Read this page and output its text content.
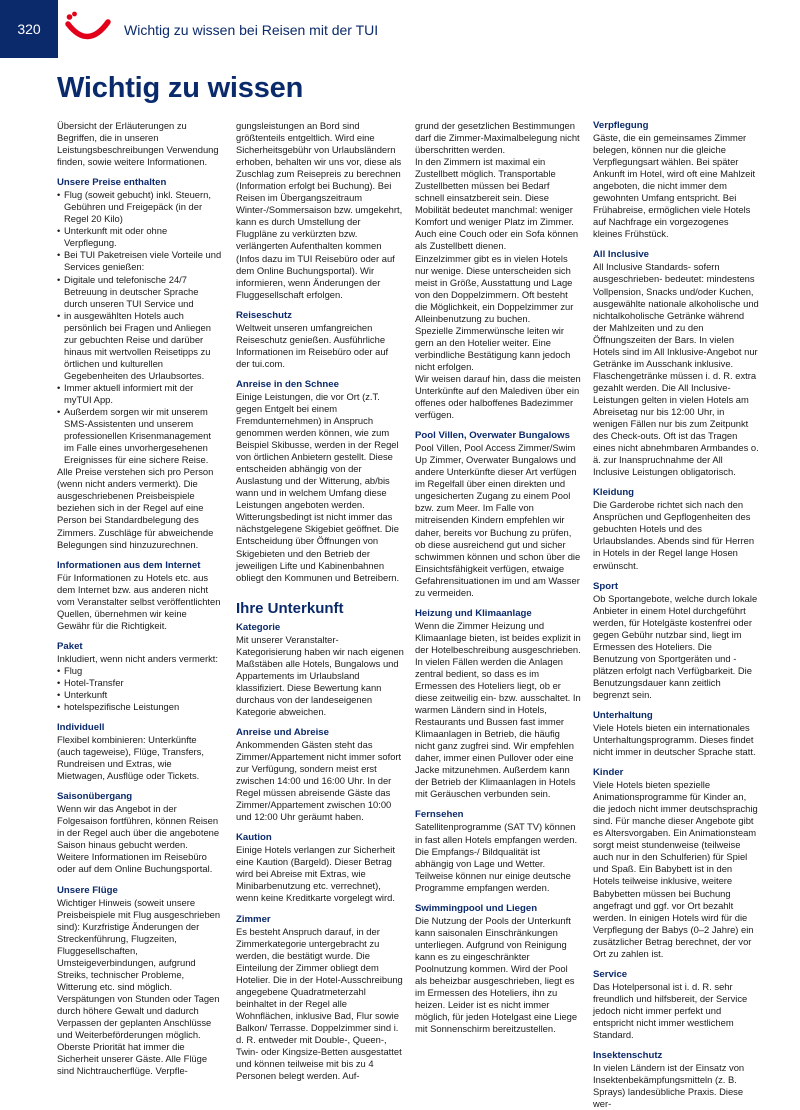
320	Wichtig zu wissen bei Reisen mit der TUI
Wichtig zu wissen

Übersicht der Erläuterungen zu Begriffen, die in unseren Leistungsbeschreibungen Verwendung finden, sowie weitere Informationen.

Unsere Preise enthalten
• Flug (soweit gebucht) inkl. Steuern, Gebühren und Freigepäck (in der Regel 20 Kilo)
• Unterkunft mit oder ohne Verpflegung.
• Bei TUI Paketreisen viele Vorteile und Services genießen:
• Digitale und telefonische 24/7 Betreuung in deutscher Sprache durch unseren TUI Service und
• in ausgewählten Hotels auch persönlich bei Fragen und Anliegen zur gebuchten Reise und darüber hinaus mit wertvollen Reisetipps zu örtlichen und kulturellen Gegebenheiten des Urlaubsortes.
• Immer aktuell informiert mit der myTUI App.
• Außerdem sorgen wir mit unserem SMS-Assistenten und unserem professionellen Krisenmanagement im Falle eines unvorhergesehenen Ereignisses für eine sichere Reise.

Alle Preise verstehen sich pro Person (wenn nicht anders vermerkt). Die ausgeschriebenen Preisbeispiele beziehen sich in der Regel auf eine Person bei Standardbelegung des Zimmers. Zuschläge für abweichende Belegungen sind hinzuzurechnen.

Informationen aus dem Internet

Für Informationen zu Hotels etc. aus dem Internet bzw. aus anderen nicht vom Veranstalter selbst veröffentlichten Quellen, übernehmen wir keine Gewähr für die Richtigkeit.

Paket

Inkludiert, wenn nicht anders vermerkt:

• Flug
• Hotel-Transfer
• Unterkunft
• hotelspezifische Leistungen
Individuell

Flexibel kombinieren: Unterkünfte (auch tageweise), Flüge, Transfers, Rundreisen und Extras, wie Mietwagen, Ausflüge oder Tickets.

Saisonübergang

Wenn wir das Angebot in der Folgesaison fortführen, können Reisen in der Regel auch über die angebotene Saison hinaus gebucht werden. Weitere Informationen im Reisebüro oder auf dem Online Buchungsportal.

Unsere Flüge

Wichtiger Hinweis (soweit unsere Preisbeispiele mit Flug ausgeschrieben sind): Kurzfristige Änderungen der Streckenführung, Flugzeiten, Fluggesellschaften, Umsteigeverbindungen, aufgrund Streiks, technischer Probleme, Witterung etc. sind möglich. Verspätungen von Stunden oder Tagen durch höhere Gewalt und dadurch Verpassen der geplanten Anschlüsse und Weiterbeförderungen möglich. Oberste Priorität hat immer die Sicherheit unserer Gäste. Alle Flüge sind Nichtraucherflüge. Verpfle-

gungsleistungen an Bord sind größtenteils entgeltlich. Wird eine Sicherheitsgebühr von Urlaubsländern erhoben, behalten wir uns vor, diese als Zuschlag zum Reisepreis zu berechnen (Information erfolgt bei Buchung). Bei Reisen im Übergangszeitraum Winter-/Sommersaison bzw. umgekehrt, kann es durch Umstellung der Flugpläne zu verkürzten bzw. verlängerten Aufenthalten kommen (Infos dazu im TUI Reisebüro oder auf dem Online Buchungsportal). Wir informieren, wenn Änderungen der Fluggesellschaft erfolgen.

Reiseschutz

Weltweit unseren umfangreichen Reiseschutz genießen. Ausführliche Informationen im Reisebüro oder auf der tui.com.

Anreise in den Schnee

Einige Leistungen, die vor Ort (z.T. gegen Entgelt bei einem Fremdunternehmen) in Anspruch genommen werden können, wie zum Beispiel Skibusse, werden in der Regel von örtlichen Anbietern gestellt. Diese entscheiden abhängig von der Auslastung und der Witterung, ab/bis wann und in welchem Umfang diese Leistungen angeboten werden. Witterungsbedingt ist nicht immer das nächstgelegene Skigebiet geöffnet. Die Entscheidung über Öffnungen von Skigebieten und den Betrieb der jeweiligen Lifte und Kabinenbahnen obliegt den Kommunen und Betreibern.

Ihre Unterkunft
Kategorie

Mit unserer Veranstalter-Kategorisierung haben wir nach eigenen Maßstäben alle Hotels, Bungalows und Appartements im Urlaubsland klassifiziert. Diese Bewertung kann durchaus von der landeseigenen Kategorie abweichen.

Anreise und Abreise

Ankommenden Gästen steht das Zimmer/Appartement nicht immer sofort zur Verfügung, sondern meist erst zwischen 14:00 und 16:00 Uhr. In der Regel müssen abreisende Gäste das Zimmer/Appartement zwischen 10:00 und 12:00 Uhr geräumt haben.

Kaution

Einige Hotels verlangen zur Sicherheit eine Kaution (Bargeld). Dieser Betrag wird bei Abreise mit Extras, wie Minibarbenutzung etc. verrechnet), wenn keine Kreditkarte vorgelegt wird.

Zimmer

Es besteht Anspruch darauf, in der Zimmerkategorie untergebracht zu werden, die bestätigt wurde. Die Einteilung der Zimmer obliegt dem Hotelier. Die in der Hotel-Ausschreibung angegebene Quadratmeterzahl beinhaltet in der Regel alle Wohnflächen, inklusive Bad, Flur sowie Balkon/ Terrasse. Doppelzimmer sind i. d. R. entweder mit Double-, Queen-, Twin- oder Kingsize-Betten ausgestattet und können teilweise mit bis zu 4 Personen belegt werden. Auf-

grund der gesetzlichen Bestimmungen darf die Zimmer-Maximalbelegung nicht überschritten werden.

In den Zimmern ist maximal ein Zustellbett möglich. Transportable Zustellbetten müssen bei Bedarf schnell einsatzbereit sein. Diese Mobilität bedeutet manchmal: weniger Komfort und weniger Platz im Zimmer. Auch eine Couch oder ein Sofa können als Zustellbett dienen.

Einzelzimmer gibt es in vielen Hotels nur wenige. Diese unterscheiden sich meist in Größe, Ausstattung und Lage von den Doppelzimmern. Oft besteht die Möglichkeit, ein Doppelzimmer zur Alleinbenutzung zu buchen.

Spezielle Zimmerwünsche leiten wir gern an den Hotelier weiter. Eine verbindliche Bestätigung kann jedoch nicht erfolgen.

Wir weisen darauf hin, dass die meisten Unterkünfte auf den Malediven über ein offenes oder halboffenes Badezimmer verfügen.

Pool Villen, Overwater Bungalows

Pool Villen, Pool Access Zimmer/Swim Up Zimmer, Overwater Bungalows und andere Unterkünfte dieser Art verfügen im Regelfall über einen direkten und ungesicherten Zugang zu einem Pool bzw. zum Meer. Im Falle von mitreisenden Kindern empfehlen wir daher, bereits vor Buchung zu prüfen, ob diese ausreichend gut und sicher schwimmen können und schon über die Einsichtsfähigkeit verfügen, etwaige Gefahrensituationen im und am Wasser zu vermeiden.

Heizung und Klimaanlage

Wenn die Zimmer Heizung und Klimaanlage bieten, ist beides explizit in der Hotelbeschreibung ausgeschrieben. In vielen Fällen werden die Anlagen zentral bedient, so dass es im Ermessen des Hoteliers liegt, ob er diese zeitweilig ein- bzw. ausschaltet. In warmen Ländern sind in Hotels, Restaurants und Bussen fast immer Klimaanlagen in Betrieb, die häufig nicht ganz zugfrei sind. Wir empfehlen daher, immer einen Pullover oder eine Jacke mitzunehmen. Außerdem kann der Betrieb der Klimaanlagen in Hotels mit Geräuschen verbunden sein.

Fernsehen

Satellitenprogramme (SAT TV) können in fast allen Hotels empfangen werden. Die Empfangs-/ Bildqualität ist abhängig von Lage und Wetter. Teilweise können nur einige deutsche Programme empfangen werden.

Swimmingpool und Liegen

Die Nutzung der Pools der Unterkunft kann saisonalen Einschränkungen unterliegen. Aufgrund von Reinigung kann es zu eingeschränkter Poolnutzung kommen. Wird der Pool als beheizbar ausgeschrieben, liegt es im Ermessen des Hoteliers, ihn zu heizen. Leider ist es nicht immer möglich, für jeden Hotelgast eine Liege mit Sonnenschirm bereitzustellen.

Verpflegung

Gäste, die ein gemeinsames Zimmer belegen, können nur die gleiche Verpflegungsart wählen. Bei später Ankunft im Hotel, wird oft eine Mahlzeit angeboten, die nicht immer dem gewohnten Umfang entspricht. Bei Frühabreise, ermöglichen viele Hotels auf Nachfrage ein vorgezogenes kleines Frühstück.

All Inclusive

All Inclusive Standards- sofern ausgeschrieben- bedeutet: mindestens Vollpension, Snacks und/oder Kuchen, ausgewählte nationale alkoholische und nichtalkoholische Getränke während der Mahlzeiten und zu den Öffnungszeiten der Bars. In vielen Hotels sind im All Inklusive-Angebot nur Getränke im Ausschank inklusive. Flaschengetränke müssen i. d. R. extra gezahlt werden. Die All Inclusive- Leistungen gelten in vielen Hotels am Abreisetag nur bis 12:00 Uhr, in wenigen Fällen nur bis zum Zeitpunkt des Check-outs. Oft ist das Tragen eines nicht abnehmbaren Armbandes o. ä. zur Inanspruchnahme der All Inclusive Leistungen obligatorisch.

Kleidung

Die Garderobe richtet sich nach den Ansprüchen und Gepflogenheiten des gebuchten Hotels und des Urlaubslandes. Abends sind für Herren in Hotels in der Regel lange Hosen erwünscht.

Sport

Ob Sportangebote, welche durch lokale Anbieter in einem Hotel durchgeführt werden, für Hotelgäste kostenfrei oder gegen Gebühr nutzbar sind, liegt im Ermessen des Hoteliers. Die Benutzung von Sportgeräten und -plätzen erfolgt nach Verfügbarkeit. Die Benutzungsdauer kann zeitlich begrenzt sein.

Unterhaltung

Viele Hotels bieten ein internationales Unterhaltungsprogramm. Dieses findet nicht immer in deutscher Sprache statt.

Kinder

Viele Hotels bieten spezielle Animationsprogramme für Kinder an, die jedoch nicht immer deutschsprachig sind. Für manche dieser Angebote gibt es Altersvorgaben. Ein Animationsteam sorgt meist stundenweise (teilweise auch nur in den Schulferien) für Spiel und Spaß. Ein Babybett ist in den Hotels teilweise inklusive, weitere Babybetten müssen bei Buchung angefragt und ggf. vor Ort bezahlt werden. In einigen Hotels wird für die Verpflegung der Babys (0–2 Jahre) ein zusätzlicher Betrag berechnet, der vor Ort zu zahlen ist.

Service

Das Hotelpersonal ist i. d. R. sehr freundlich und hilfsbereit, der Service jedoch nicht immer perfekt und entspricht nicht immer westlichem Standard.

Insektenschutz

In vielen Ländern ist der Einsatz von Insektenbekämpfungsmitteln (z. B. Sprays) landesübliche Praxis. Diese wer-
